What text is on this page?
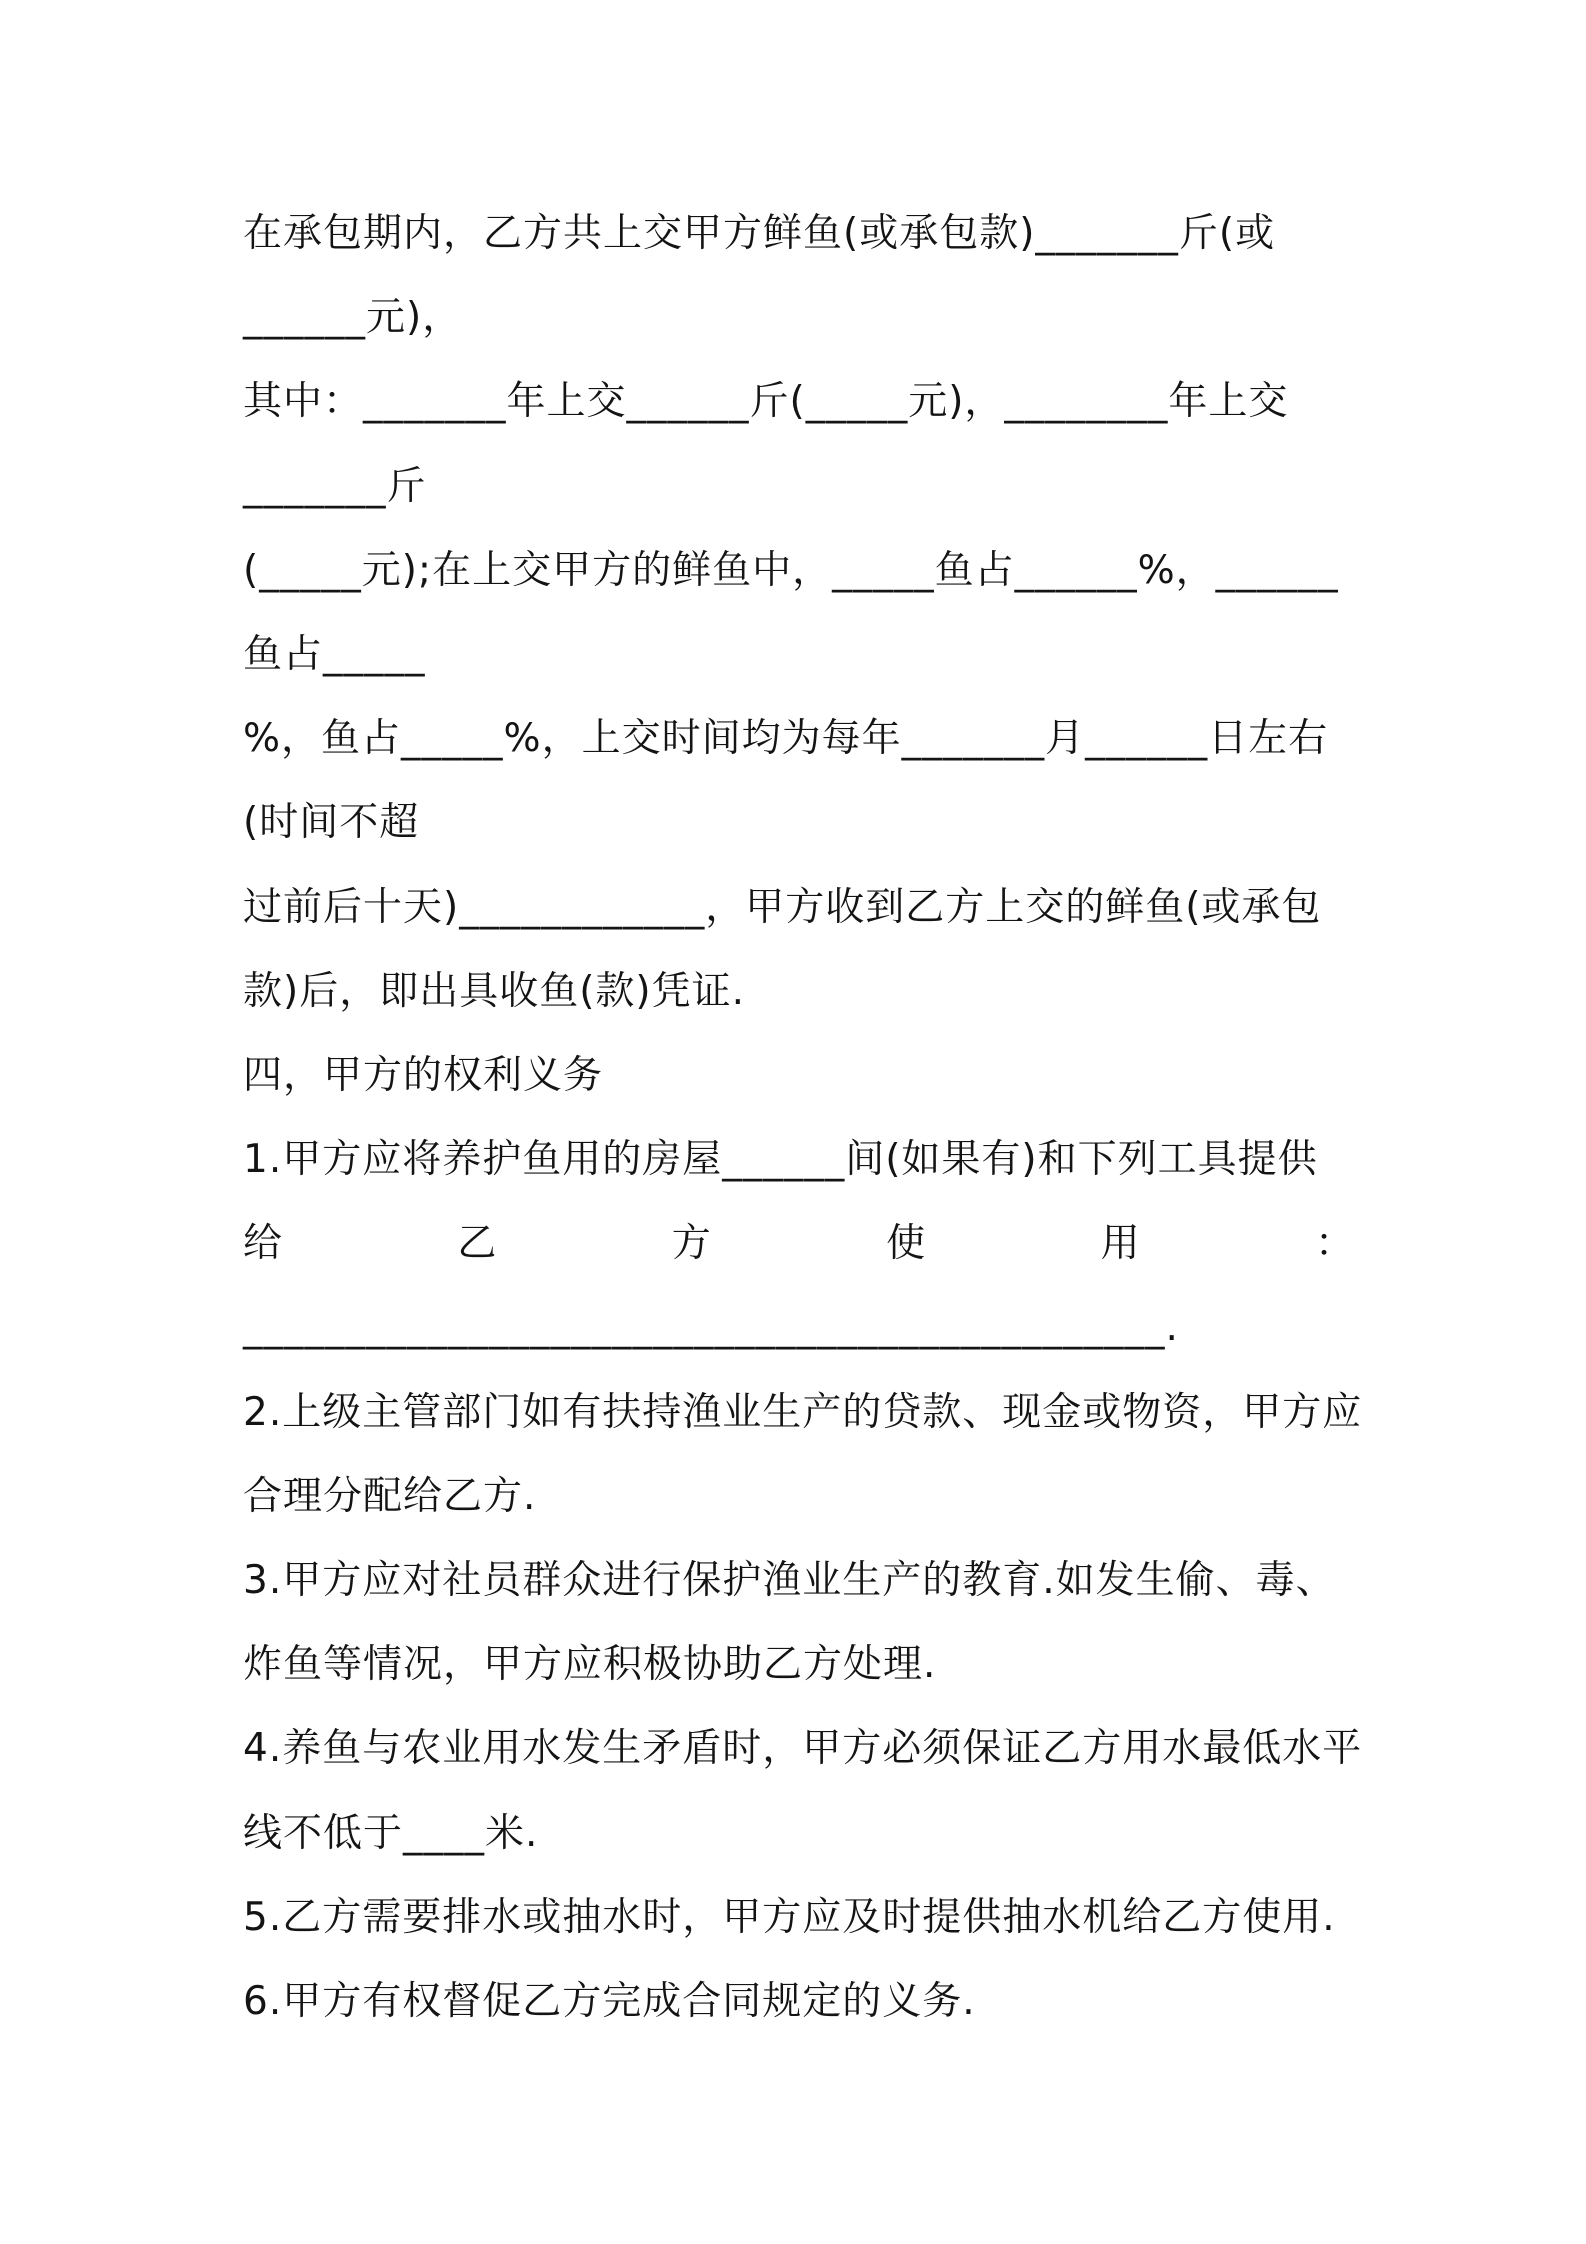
在承包期内，乙方共上交甲方鲜鱼(或承包款)_______斤(或
______元)，
其中：_______年上交______斤(_____元)，________年上交
_______斤
(_____元);在上交甲方的鲜鱼中，_____鱼占______%，______
鱼占_____
%，鱼占_____%，上交时间均为每年_______月______日左右
(时间不超
过前后十天)____________，甲方收到乙方上交的鲜鱼(或承包
款)后，即出具收鱼(款)凭证.
四，甲方的权利义务
1.甲方应将养护鱼用的房屋______间(如果有)和下列工具提供
给	乙	方	使	用	：
_____________________________________________.
2.上级主管部门如有扶持渔业生产的贷款、现金或物资，甲方应
合理分配给乙方.
3.甲方应对社员群众进行保护渔业生产的教育.如发生偷、毒、
炸鱼等情况，甲方应积极协助乙方处理.
4.养鱼与农业用水发生矛盾时，甲方必须保证乙方用水最低水平
线不低于____米.
5.乙方需要排水或抽水时，甲方应及时提供抽水机给乙方使用.
6.甲方有权督促乙方完成合同规定的义务.
